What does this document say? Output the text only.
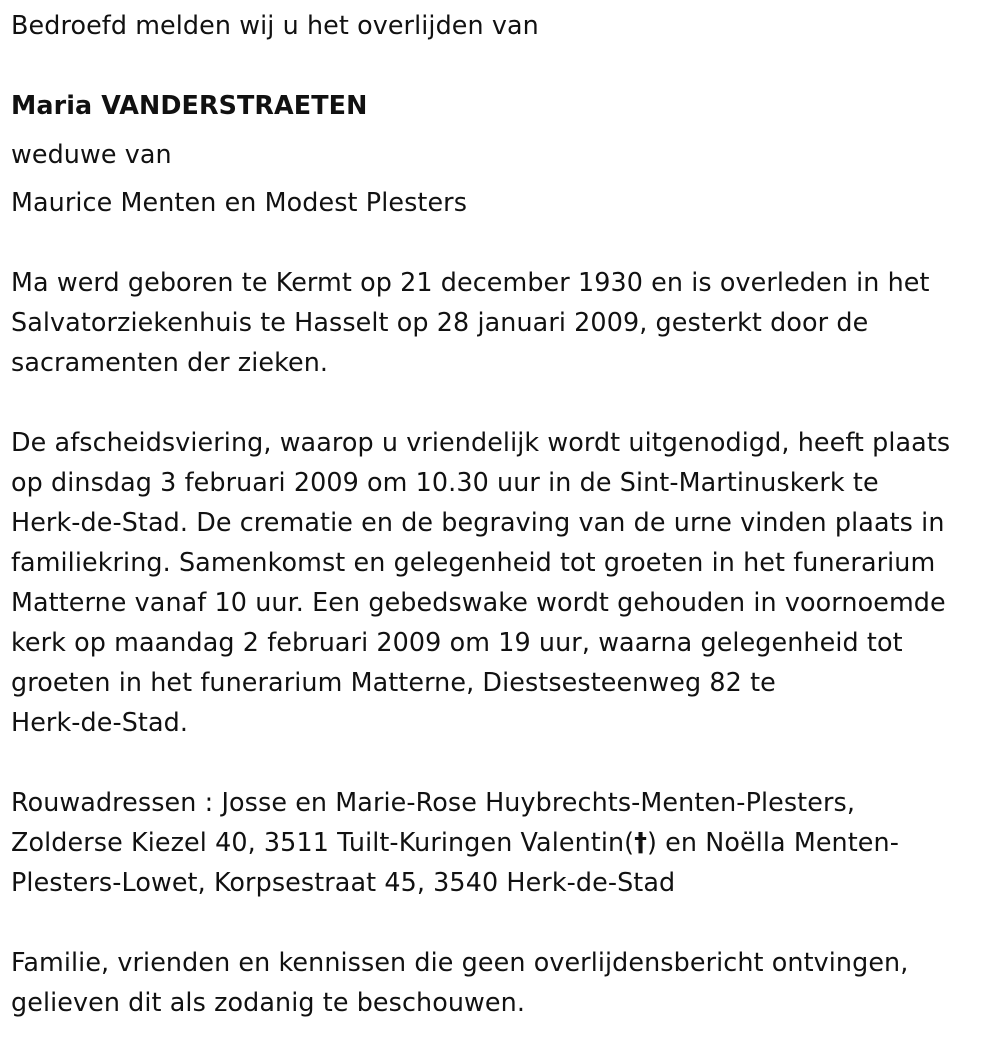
Bedroefd melden wij u het overlijden van
Maria VANDERSTRAETEN
weduwe van
Maurice Menten en Modest Plesters
Ma werd geboren te Kermt op 21 december 1930 en is overleden in het
Salvatorziekenhuis te Hasselt op 28 januari 2009, gesterkt door de
sacramenten der zieken.
De afscheidsviering, waarop u vriendelijk wordt uitgenodigd, heeft plaats
op dinsdag 3 februari 2009 om 10.30 uur in de Sint-Martinuskerk te
Herk-de-Stad. De crematie en de begraving van de urne vinden plaats in
familiekring. Samenkomst en gelegenheid tot groeten in het funerarium
Matterne vanaf 10 uur. Een gebedswake wordt gehouden in voornoemde
kerk op maandag 2 februari 2009 om 19 uur, waarna gelegenheid tot
groeten in het funerarium Matterne, Diestsesteenweg 82 te
Herk-de-Stad.
Rouwadressen : Josse en Marie-Rose Huybrechts-Menten-Plesters,
Zolderse Kiezel 40, 3511 Tuilt-Kuringen Valentin(†) en Noëlla Menten-
Plesters-Lowet, Korpsestraat 45, 3540 Herk-de-Stad
Familie, vrienden en kennissen die geen overlijdensbericht ontvingen,
gelieven dit als zodanig te beschouwen.
